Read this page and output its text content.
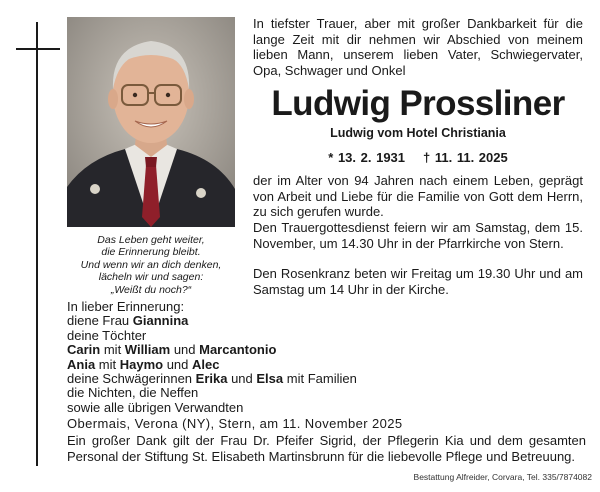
Das Leben geht weiter,
die Erinnerung bleibt.
Und wenn wir an dich denken,
lächeln wir und sagen:
„Weißt du noch?“
In tiefster Trauer, aber mit großer Dankbarkeit für die lange Zeit mit dir nehmen wir Abschied von meinem lieben Mann, unserem lieben Vater, Schwiegervater, Opa, Schwager und Onkel
Ludwig Prossliner
Ludwig vom Hotel Christiania
* 13. 2. 1931 † 11. 11. 2025
der im Alter von 94 Jahren nach einem Leben, geprägt von Arbeit und Liebe für die Familie von Gott dem Herrn, zu sich gerufen wurde.
Den Trauergottesdienst feiern wir am Samstag, dem 15. November, um 14.30 Uhr in der Pfarrkirche von Stern.
Den Rosenkranz beten wir Freitag um 19.30 Uhr und am Samstag um 14 Uhr in der Kirche.
In lieber Erinnerung:
diene Frau Giannina
deine Töchter
Carin mit William und Marcantonio
Ania mit Haymo und Alec
deine Schwägerinnen Erika und Elsa mit Familien
die Nichten, die Neffen
sowie alle übrigen Verwandten
Obermais, Verona (NY), Stern, am 11. November 2025
Ein großer Dank gilt der Frau Dr. Pfeifer Sigrid, der Pflegerin Kia und dem gesamten Personal der Stiftung St. Elisabeth Martinsbrunn für die liebevolle Pflege und Betreuung.
Bestattung Alfreider, Corvara, Tel. 335/7874082
